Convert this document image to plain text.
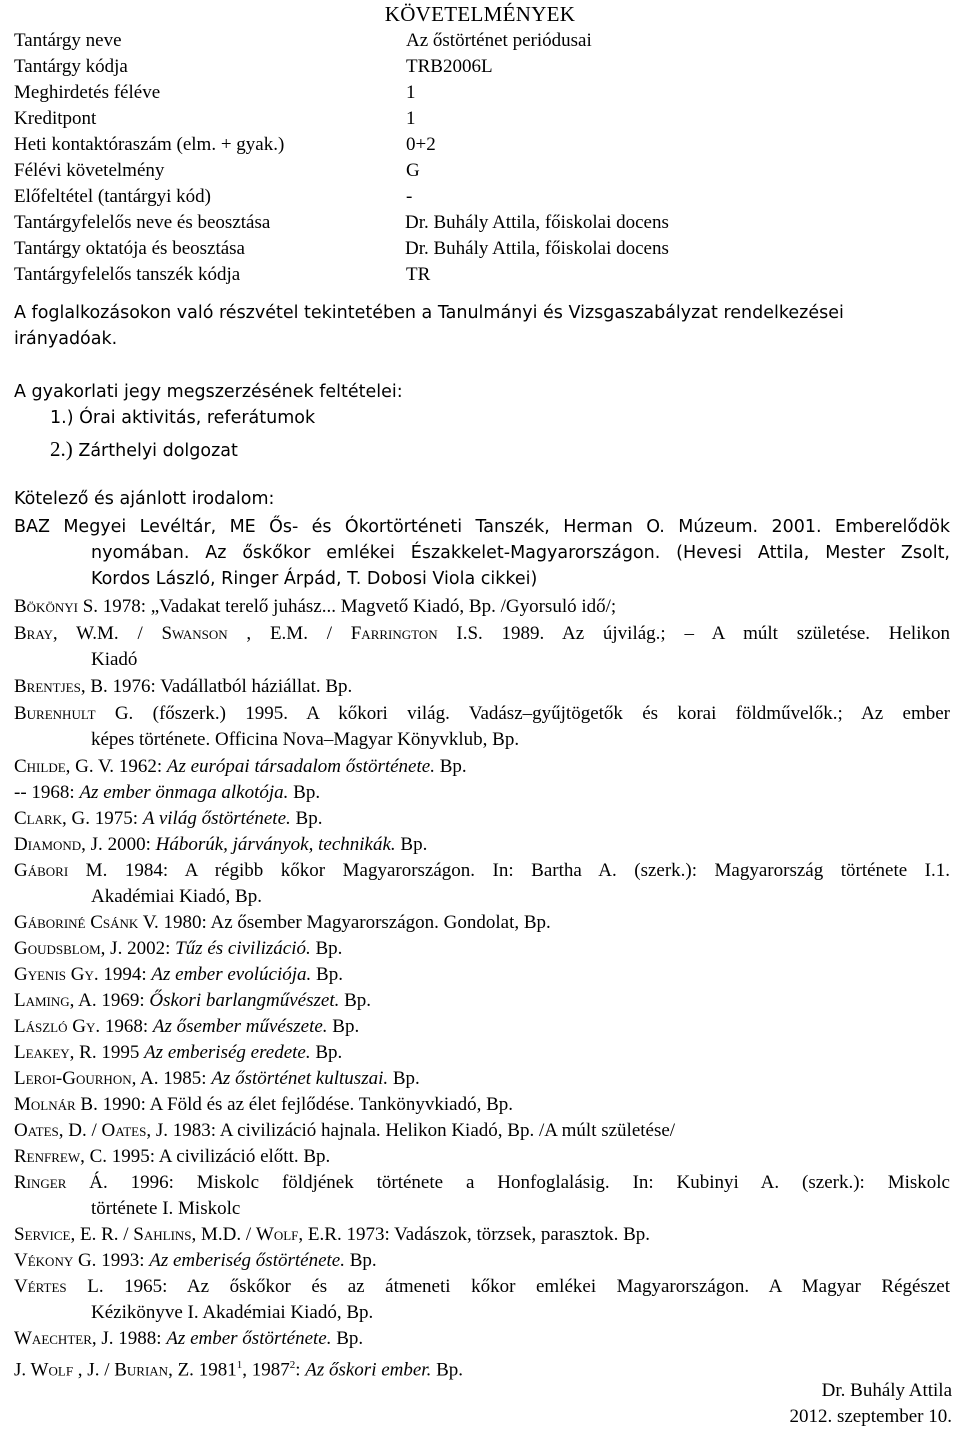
KÖVETELMÉNYEK
Tantárgy neve	Az őstörténet periódusai
Tantárgy kódja	TRB2006L
Meghirdetés féléve	1
Kreditpont	1
Heti kontaktóraszám (elm. + gyak.)	0+2
Félévi követelmény	G
Előfeltétel (tantárgyi kód)	-
Tantárgyfelelős neve és beosztása	Dr. Buhály Attila, főiskolai docens
Tantárgy oktatója és beosztása	Dr. Buhály Attila, főiskolai docens
Tantárgyfelelős tanszék kódja	TR
A foglalkozásokon való részvétel tekintetében a Tanulmányi és Vizsgaszabályzat rendelkezései
irányadóak.
A gyakorlati jegy megszerzésének feltételei:
1.) Órai aktivitás, referátumok
2.) Zárthelyi dolgozat
Kötelező és ajánlott irodalom:
BAZ Megyei Levéltár, ME Ős- és Ókortörténeti Tanszék, Herman O. Múzeum. 2001. Emberelődök
nyomában. Az őskőkor emlékei Északkelet-Magyarországon. (Hevesi Attila, Mester Zsolt,
Kordos László, Ringer Árpád, T. Dobosi Viola cikkei)
Bökönyi S. 1978: „Vadakat terelő juhász... Magvető Kiadó, Bp. /Gyorsuló idő/;
Bray, W.M. / Swanson , E.M. / Farrington I.S. 1989. Az újvilág.; – A múlt születése. Helikon
Kiadó
Brentjes, B. 1976: Vadállatból háziállat. Bp.
Burenhult G. (főszerk.) 1995. A kőkori világ. Vadász–gyűjtögetők és korai földművelők.; Az ember
képes története. Officina Nova–Magyar Könyvklub, Bp.
Childe, G. V. 1962: Az európai társadalom őstörténete. Bp.
-- 1968: Az ember önmaga alkotója. Bp.
Clark, G. 1975: A világ őstörténete. Bp.
Diamond, J. 2000: Háborúk, járványok, technikák. Bp.
Gábori M. 1984: A régibb kőkor Magyarországon. In: Bartha A. (szerk.): Magyarország története I.1.
Akadémiai Kiadó, Bp.
Gáboriné Csánk V. 1980: Az ősember Magyarországon. Gondolat, Bp.
Goudsblom, J. 2002: Tűz és civilizáció. Bp.
Gyenis Gy. 1994: Az ember evolúciója. Bp.
Laming, A. 1969: Őskori barlangművészet. Bp.
László Gy. 1968: Az ősember művészete. Bp.
Leakey, R. 1995 Az emberiség eredete. Bp.
Leroi-Gourhon, A. 1985: Az őstörténet kultuszai. Bp.
Molnár B. 1990: A Föld és az élet fejlődése. Tankönyvkiadó, Bp.
Oates, D. / Oates, J. 1983: A civilizáció hajnala. Helikon Kiadó, Bp. /A múlt születése/
Renfrew, C. 1995: A civilizáció előtt. Bp.
Ringer Á. 1996: Miskolc földjének története a Honfoglalásig. In: Kubinyi A. (szerk.): Miskolc
története I. Miskolc
Service, E. R. / Sahlins, M.D. / Wolf, E.R. 1973: Vadászok, törzsek, parasztok. Bp.
Vékony G. 1993: Az emberiség őstörténete. Bp.
Vértes L. 1965: Az őskőkor és az átmeneti kőkor emlékei Magyarországon. A Magyar Régészet
Kézikönyve I. Akadémiai Kiadó, Bp.
Waechter, J. 1988: Az ember őstörténete. Bp.
J. Wolf , J. / Burian, Z. 1981$^1$, 1987$^2$: Az őskori ember. Bp.
Dr. Buhály Attila
2012. szeptember 10.
